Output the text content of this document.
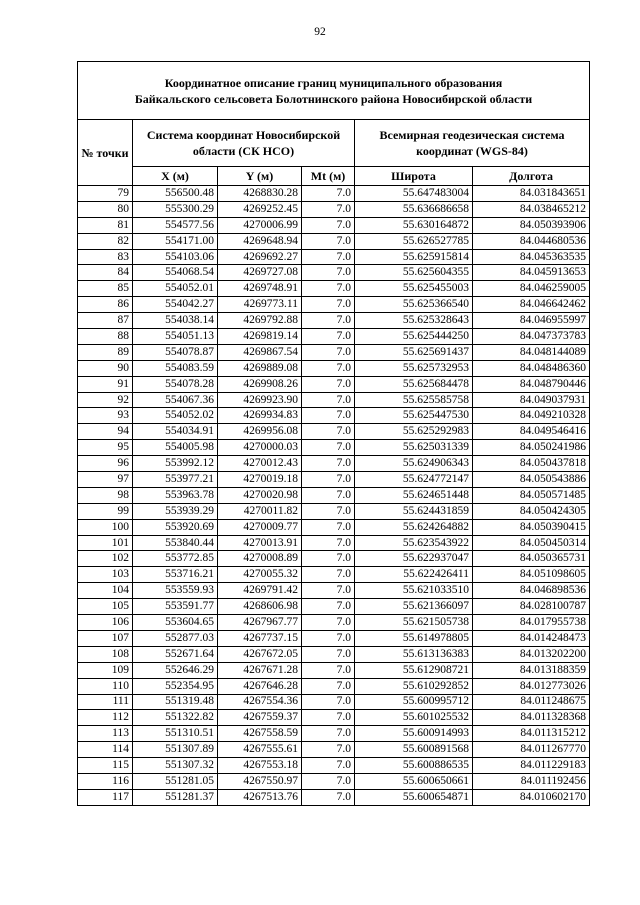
92
Координатное описание границ муниципального образования
Байкальского сельсовета Болотнинского района Новосибирской области					

№ точки	Система координат Новосибирской области (СК НСО)			Всемирная геодезическая система координат (WGS-84)	
	X (м)	Y (м)	Mt (м)	Широта	Долгота
79	556500.48	4268830.28	7.0	55.647483004	84.031843651
80	555300.29	4269252.45	7.0	55.636686658	84.038465212
81	554577.56	4270006.99	7.0	55.630164872	84.050393906
82	554171.00	4269648.94	7.0	55.626527785	84.044680536
83	554103.06	4269692.27	7.0	55.625915814	84.045363535
84	554068.54	4269727.08	7.0	55.625604355	84.045913653
85	554052.01	4269748.91	7.0	55.625455003	84.046259005
86	554042.27	4269773.11	7.0	55.625366540	84.046642462
87	554038.14	4269792.88	7.0	55.625328643	84.046955997
88	554051.13	4269819.14	7.0	55.625444250	84.047373783
89	554078.87	4269867.54	7.0	55.625691437	84.048144089
90	554083.59	4269889.08	7.0	55.625732953	84.048486360
91	554078.28	4269908.26	7.0	55.625684478	84.048790446
92	554067.36	4269923.90	7.0	55.625585758	84.049037931
93	554052.02	4269934.83	7.0	55.625447530	84.049210328
94	554034.91	4269956.08	7.0	55.625292983	84.049546416
95	554005.98	4270000.03	7.0	55.625031339	84.050241986
96	553992.12	4270012.43	7.0	55.624906343	84.050437818
97	553977.21	4270019.18	7.0	55.624772147	84.050543886
98	553963.78	4270020.98	7.0	55.624651448	84.050571485
99	553939.29	4270011.82	7.0	55.624431859	84.050424305
100	553920.69	4270009.77	7.0	55.624264882	84.050390415
101	553840.44	4270013.91	7.0	55.623543922	84.050450314
102	553772.85	4270008.89	7.0	55.622937047	84.050365731
103	553716.21	4270055.32	7.0	55.622426411	84.051098605
104	553559.93	4269791.42	7.0	55.621033510	84.046898536
105	553591.77	4268606.98	7.0	55.621366097	84.028100787
106	553604.65	4267967.77	7.0	55.621505738	84.017955738
107	552877.03	4267737.15	7.0	55.614978805	84.014248473
108	552671.64	4267672.05	7.0	55.613136383	84.013202200
109	552646.29	4267671.28	7.0	55.612908721	84.013188359
110	552354.95	4267646.28	7.0	55.610292852	84.012773026
111	551319.48	4267554.36	7.0	55.600995712	84.011248675
112	551322.82	4267559.37	7.0	55.601025532	84.011328368
113	551310.51	4267558.59	7.0	55.600914993	84.011315212
114	551307.89	4267555.61	7.0	55.600891568	84.011267770
115	551307.32	4267553.18	7.0	55.600886535	84.011229183
116	551281.05	4267550.97	7.0	55.600650661	84.011192456
117	551281.37	4267513.76	7.0	55.600654871	84.010602170
